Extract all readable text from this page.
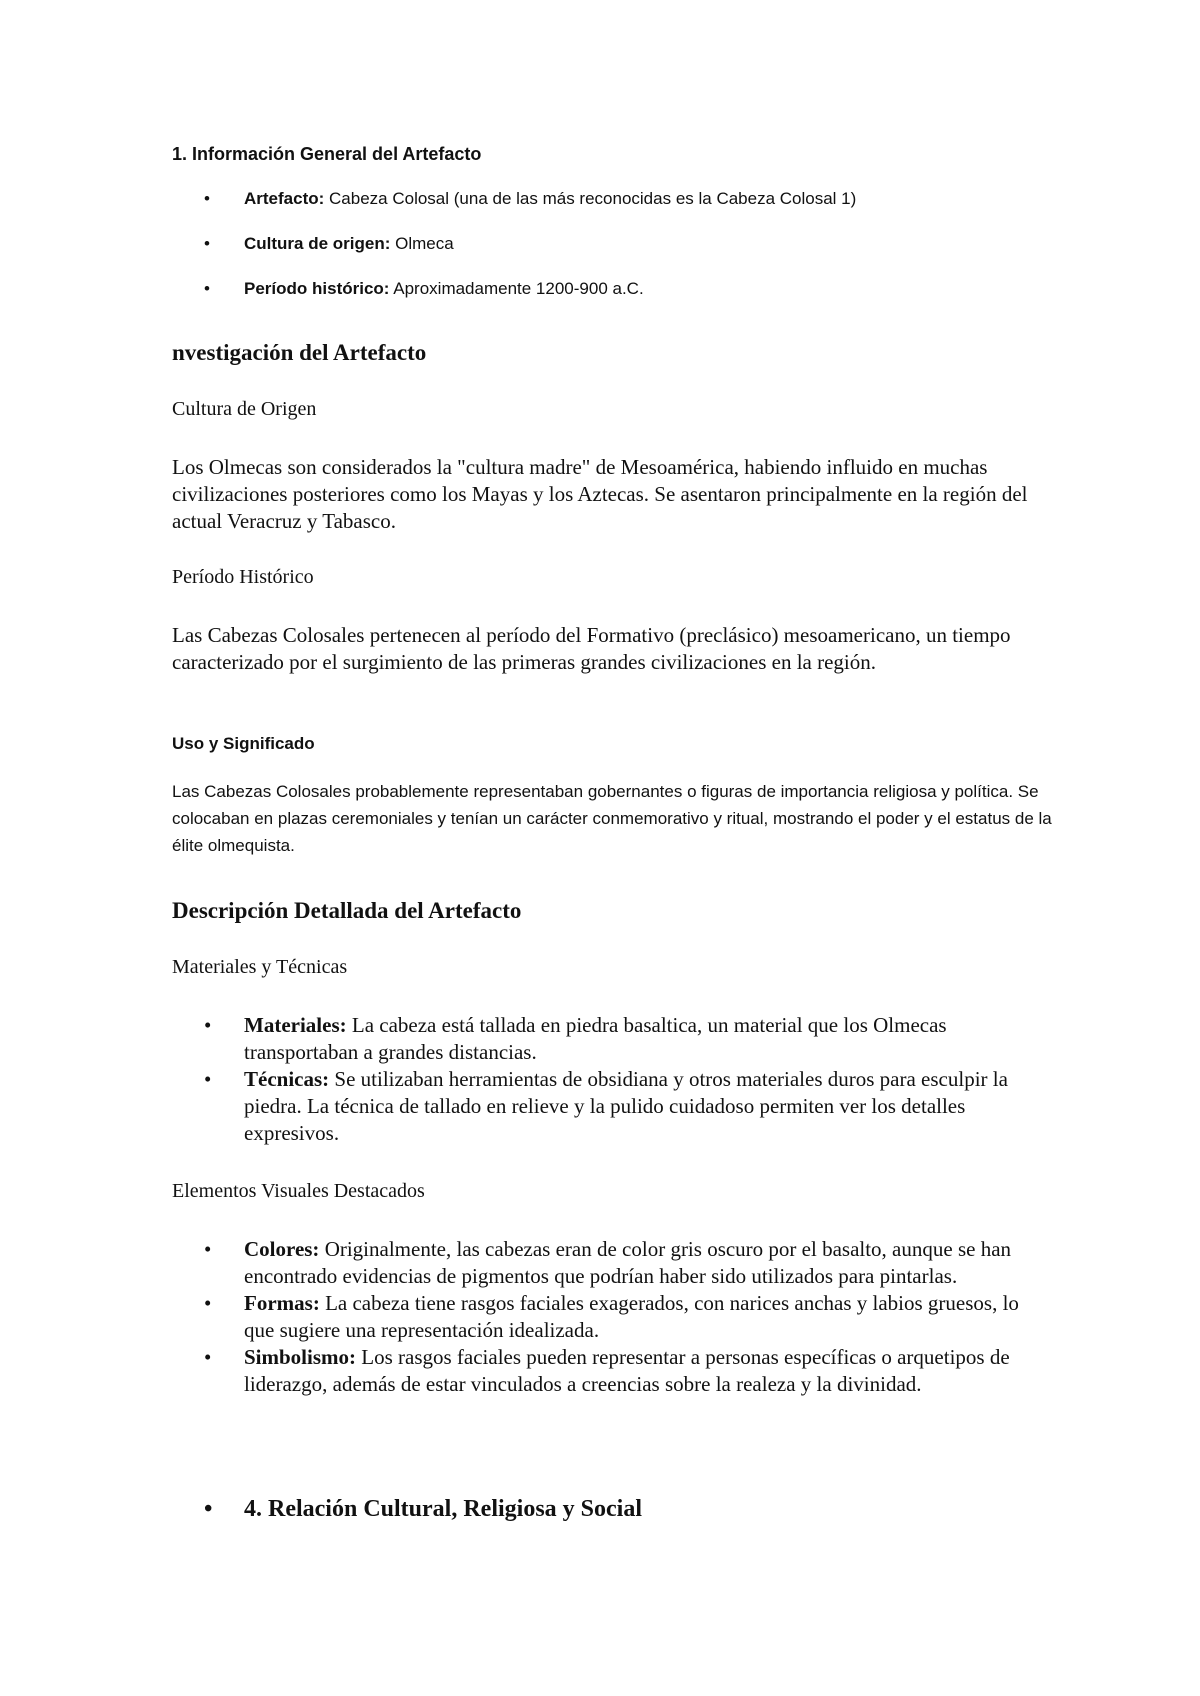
1. Información General del Artefacto

• Artefacto: Cabeza Colosal (una de las más reconocidas es la Cabeza Colosal 1)
• Cultura de origen: Olmeca
• Período histórico: Aproximadamente 1200-900 a.C.

nvestigación del Artefacto

Cultura de Origen

Los Olmecas son considerados la "cultura madre" de Mesoamérica, habiendo influido en muchas civilizaciones posteriores como los Mayas y los Aztecas. Se asentaron principalmente en la región del actual Veracruz y Tabasco.

Período Histórico

Las Cabezas Colosales pertenecen al período del Formativo (preclásico) mesoamericano, un tiempo caracterizado por el surgimiento de las primeras grandes civilizaciones en la región.

Uso y Significado

Las Cabezas Colosales probablemente representaban gobernantes o figuras de importancia religiosa y política. Se colocaban en plazas ceremoniales y tenían un carácter conmemorativo y ritual, mostrando el poder y el estatus de la élite olmequista.

Descripción Detallada del Artefacto

Materiales y Técnicas

• Materiales: La cabeza está tallada en piedra basaltica, un material que los Olmecas transportaban a grandes distancias.
• Técnicas: Se utilizaban herramientas de obsidiana y otros materiales duros para esculpir la piedra. La técnica de tallado en relieve y la pulido cuidadoso permiten ver los detalles expresivos.

Elementos Visuales Destacados

• Colores: Originalmente, las cabezas eran de color gris oscuro por el basalto, aunque se han encontrado evidencias de pigmentos que podrían haber sido utilizados para pintarlas.
• Formas: La cabeza tiene rasgos faciales exagerados, con narices anchas y labios gruesos, lo que sugiere una representación idealizada.
• Simbolismo: Los rasgos faciales pueden representar a personas específicas o arquetipos de liderazgo, además de estar vinculados a creencias sobre la realeza y la divinidad.
• 4. Relación Cultural, Religiosa y Social
